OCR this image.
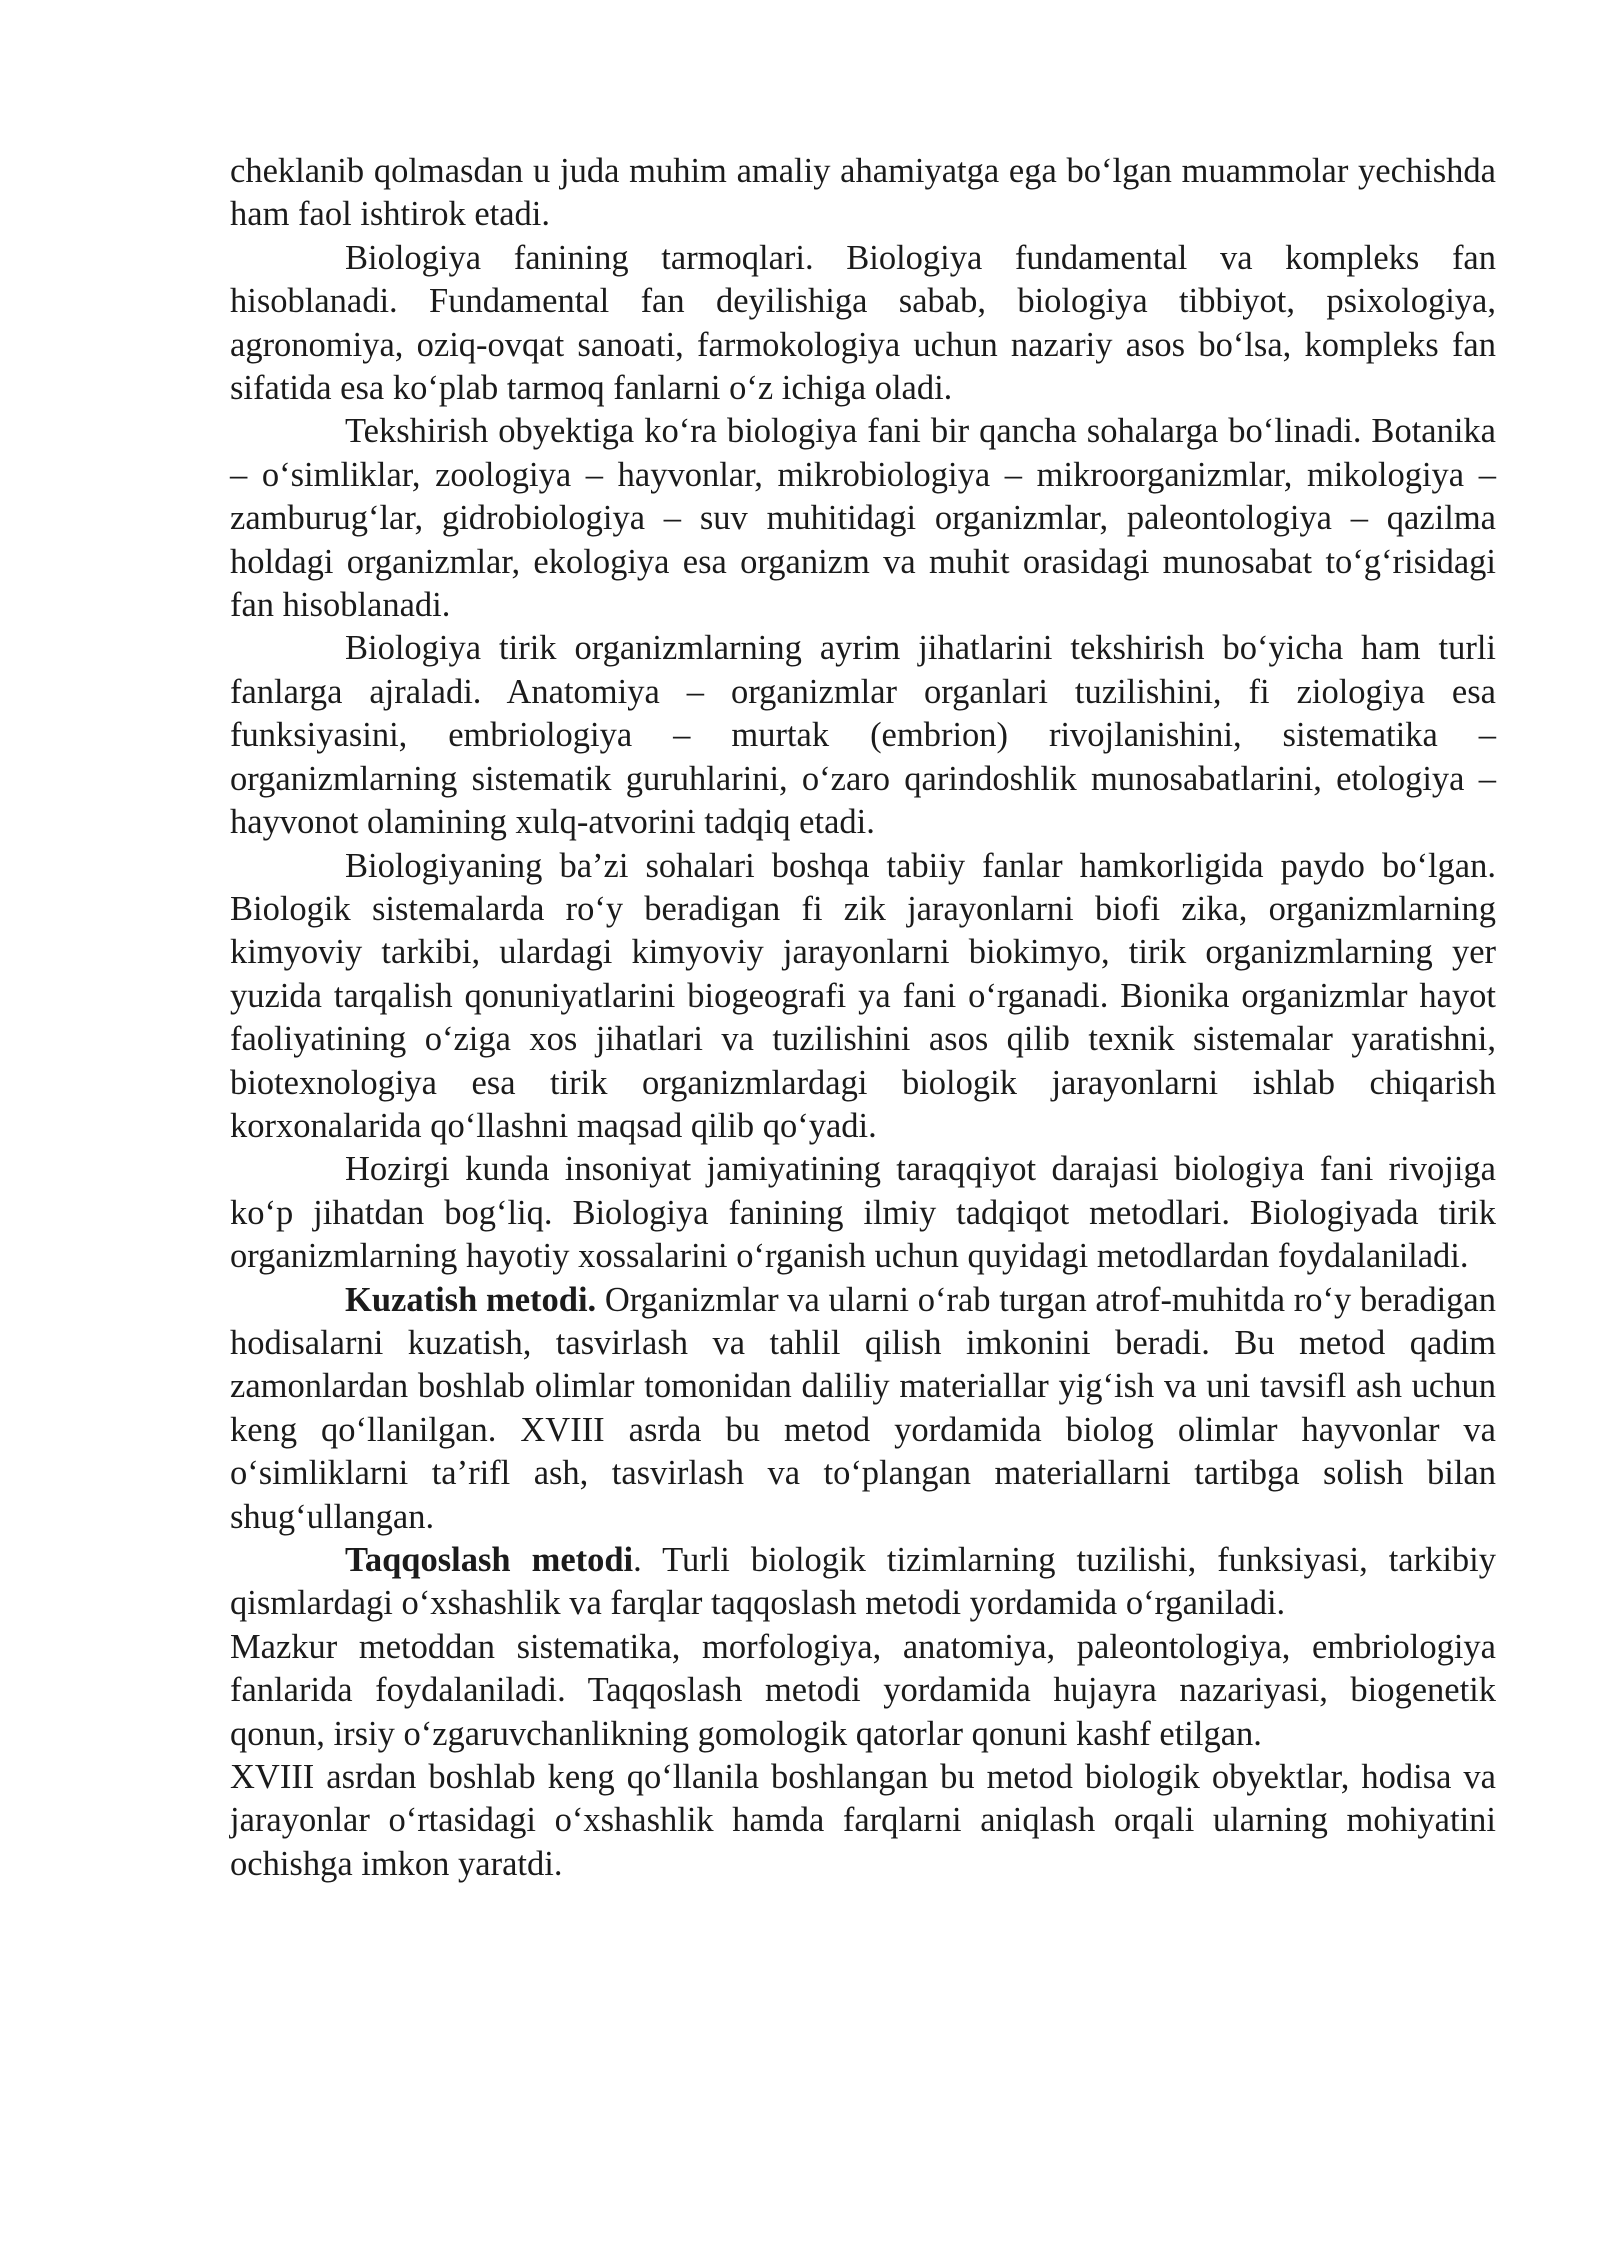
cheklanib qolmasdan u juda muhim amaliy ahamiyatga ega bo‘lgan muammolar yechishda ham faol ishtirok etadi.

Biologiya fanining tarmoqlari. Biologiya fundamental va kompleks fan hisoblanadi. Fundamental fan deyilishiga sabab, biologiya tibbiyot, psixologiya, agronomiya, oziq-ovqat sanoati, farmokologiya uchun nazariy asos bo‘lsa, kompleks fan sifatida esa ko‘plab tarmoq fanlarni o‘z ichiga oladi.

Tekshirish obyektiga ko‘ra biologiya fani bir qancha sohalarga bo‘linadi. Botanika – o‘simliklar, zoologiya – hayvonlar, mikrobiologiya – mikroorganizmlar, mikologiya – zamburug‘lar, gidrobiologiya – suv muhitidagi organizmlar, paleontologiya – qazilma holdagi organizmlar, ekologiya esa organizm va muhit orasidagi munosabat to‘g‘risidagi fan hisoblanadi.

Biologiya tirik organizmlarning ayrim jihatlarini tekshirish bo‘yicha ham turli fanlarga ajraladi. Anatomiya – organizmlar organlari tuzilishini, fi ziologiya esa funksiyasini, embriologiya – murtak (embrion) rivojlanishini, sistematika – organizmlarning sistematik guruhlarini, o‘zaro qarindoshlik munosabatlarini, etologiya – hayvonot olamining xulq-atvorini tadqiq etadi.

Biologiyaning ba’zi sohalari boshqa tabiiy fanlar hamkorligida paydo bo‘lgan. Biologik sistemalarda ro‘y beradigan fi zik jarayonlarni biofi zika, organizmlarning kimyoviy tarkibi, ulardagi kimyoviy jarayonlarni biokimyo, tirik organizmlarning yer yuzida tarqalish qonuniyatlarini biogeografi ya fani o‘rganadi. Bionika organizmlar hayot faoliyatining o‘ziga xos jihatlari va tuzilishini asos qilib texnik sistemalar yaratishni, biotexnologiya esa tirik organizmlardagi biologik jarayonlarni ishlab chiqarish korxonalarida qo‘llashni maqsad qilib qo‘yadi.

Hozirgi kunda insoniyat jamiyatining taraqqiyot darajasi biologiya fani rivojiga ko‘p jihatdan bog‘liq. Biologiya fanining ilmiy tadqiqot metodlari. Biologiyada tirik organizmlarning hayotiy xossalarini o‘rganish uchun quyidagi metodlardan foydalaniladi.

Kuzatish metodi. Organizmlar va ularni o‘rab turgan atrof-muhitda ro‘y beradigan hodisalarni kuzatish, tasvirlash va tahlil qilish imkonini beradi. Bu metod qadim zamonlardan boshlab olimlar tomonidan daliliy materiallar yig‘ish va uni tavsifl ash uchun keng qo‘llanilgan. XVIII asrda bu metod yordamida biolog olimlar hayvonlar va o‘simliklarni ta’rifl ash, tasvirlash va to‘plangan materiallarni tartibga solish bilan shug‘ullangan.

Taqqoslash metodi. Turli biologik tizimlarning tuzilishi, funksiyasi, tarkibiy qismlardagi o‘xshashlik va farqlar taqqoslash metodi yordamida o‘rganiladi.

Mazkur metoddan sistematika, morfologiya, anatomiya, paleontologiya, embriologiya fanlarida foydalaniladi. Taqqoslash metodi yordamida hujayra nazariyasi, biogenetik qonun, irsiy o‘zgaruvchanlikning gomologik qatorlar qonuni kashf etilgan.

XVIII asrdan boshlab keng qo‘llanila boshlangan bu metod biologik obyektlar, hodisa va jarayonlar o‘rtasidagi o‘xshashlik hamda farqlarni aniqlash orqali ularning mohiyatini ochishga imkon yaratdi.
